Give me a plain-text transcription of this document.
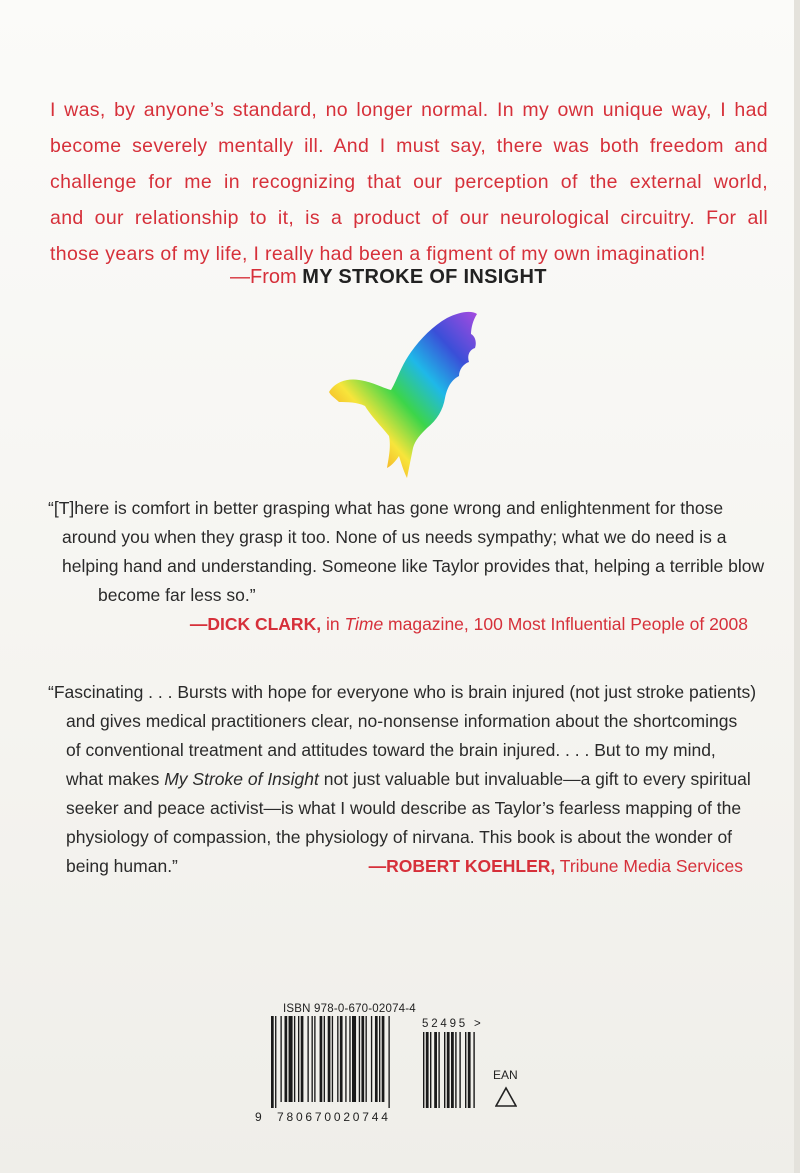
I was, by anyone’s standard, no longer normal. In my own unique way, I had
become severely mentally ill. And I must say, there was both freedom and
challenge for me in recognizing that our perception of the external world,
and our relationship to it, is a product of our neurological circuitry. For all
those years of my life, I really had been a figment of my own imagination!
—From MY STROKE OF INSIGHT
“[T]here is comfort in better grasping what has gone wrong and enlightenment for those
around you when they grasp it too. None of us needs sympathy; what we do need is a
helping hand and understanding. Someone like Taylor provides that, helping a terrible blow
become far less so.”
—DICK CLARK, in Time magazine, 100 Most Influential People of 2008
“Fascinating . . . Bursts with hope for everyone who is brain injured (not just stroke patients)
and gives medical practitioners clear, no-nonsense information about the shortcomings
of conventional treatment and attitudes toward the brain injured. . . . But to my mind,
what makes My Stroke of Insight not just valuable but invaluable—a gift to every spiritual
seeker and peace activist—is what I would describe as Taylor’s fearless mapping of the
physiology of compassion, the physiology of nirvana. This book is about the wonder of
being human.”	—ROBERT KOEHLER, Tribune Media Services
ISBN 978-0-670-02074-4
9 780670020744
52495 >
EAN
